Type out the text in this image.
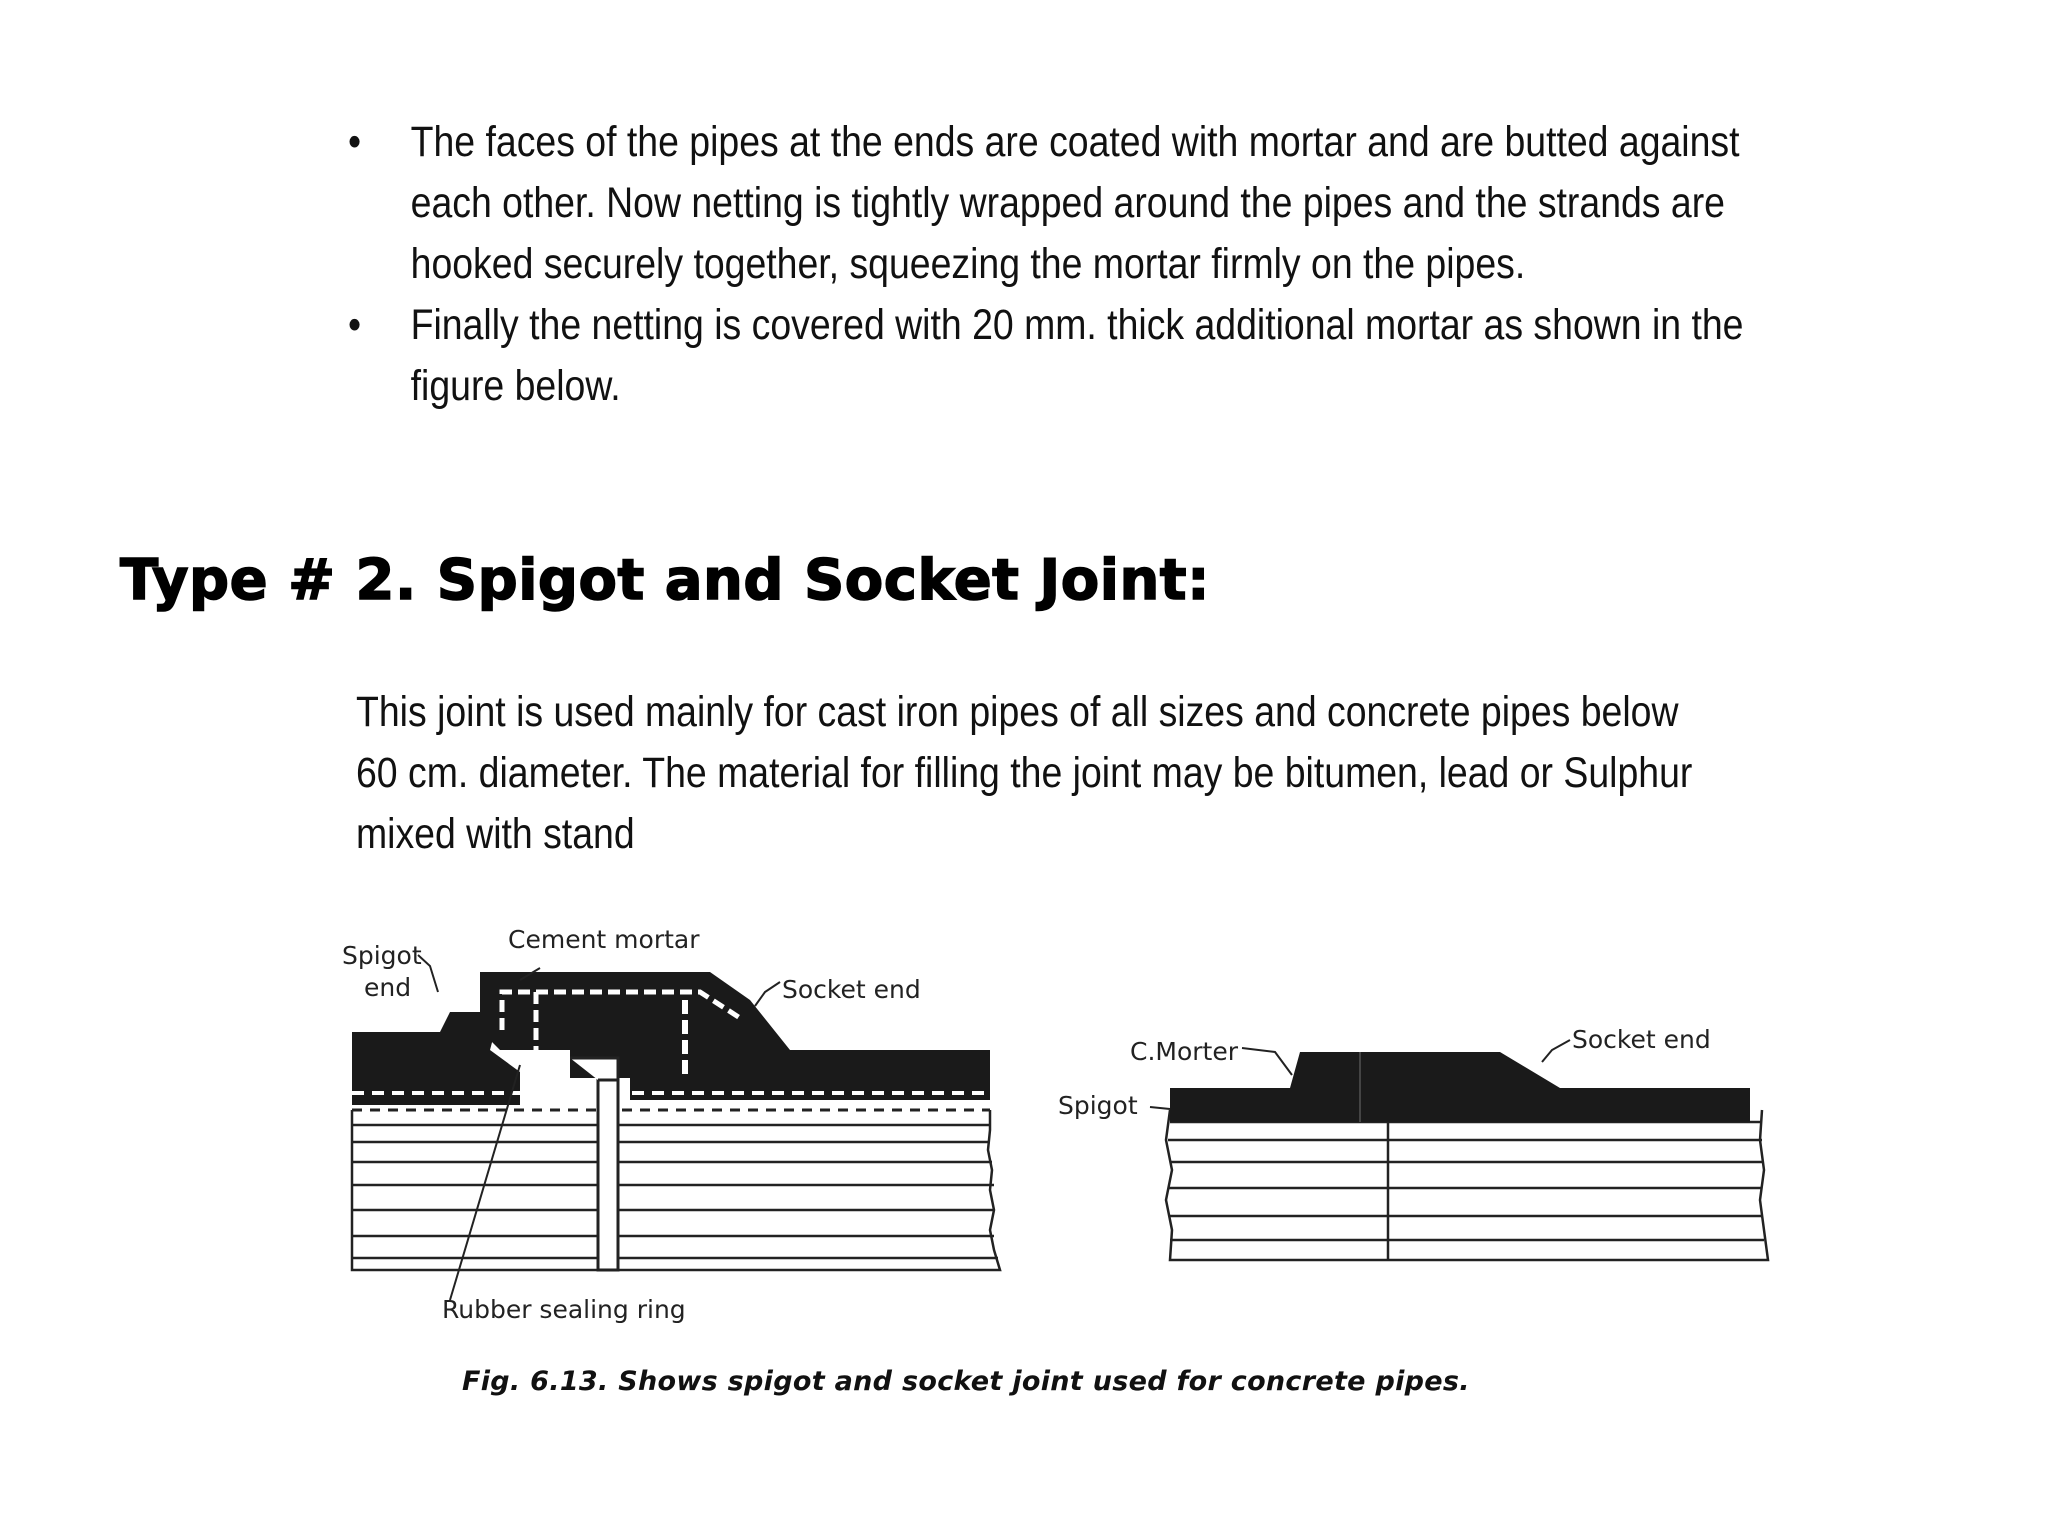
• The faces of the pipes at the ends are coated with mortar and are butted against each other. Now netting is tightly wrapped around the pipes and the strands are hooked securely together, squeezing the mortar firmly on the pipes.
• Finally the netting is covered with 20 mm. thick additional mortar as shown in the figure below.
Type # 2. Spigot and Socket Joint:

This joint is used mainly for cast iron pipes of all sizes and concrete pipes below 60 cm. diameter. The material for filling the joint may be bitumen, lead or Sulphur mixed with stand

Spigot
end
Cement mortar
Socket end
Rubber sealing ring
C.Morter
Spigot
Socket end

Fig. 6.13. Shows spigot and socket joint used for concrete pipes.
